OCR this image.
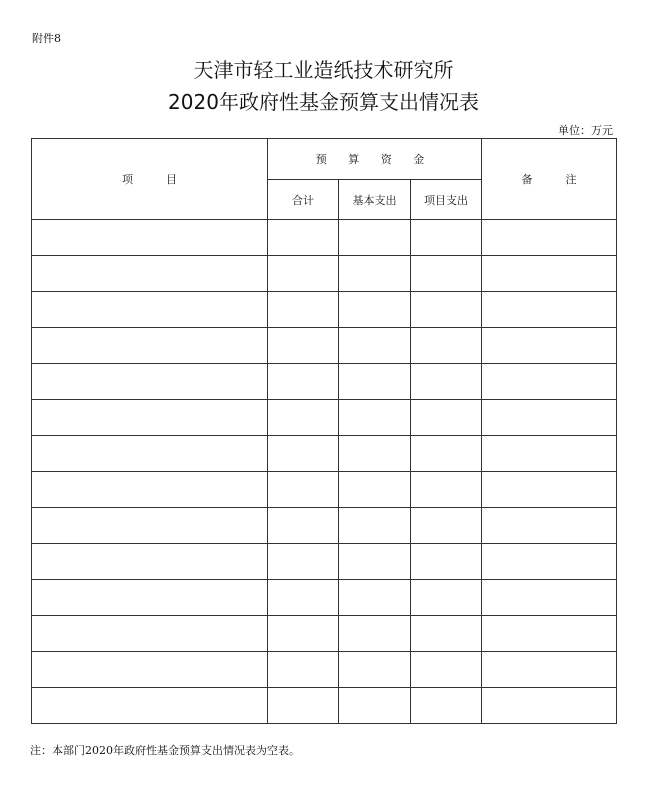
附件8
天津市轻工业造纸技术研究所
2020年政府性基金预算支出情况表
单位：万元
项　　　目	预 算 资 金			备　　　注
	合计	基本支出	项目支出	

注：本部门2020年政府性基金预算支出情况表为空表。
